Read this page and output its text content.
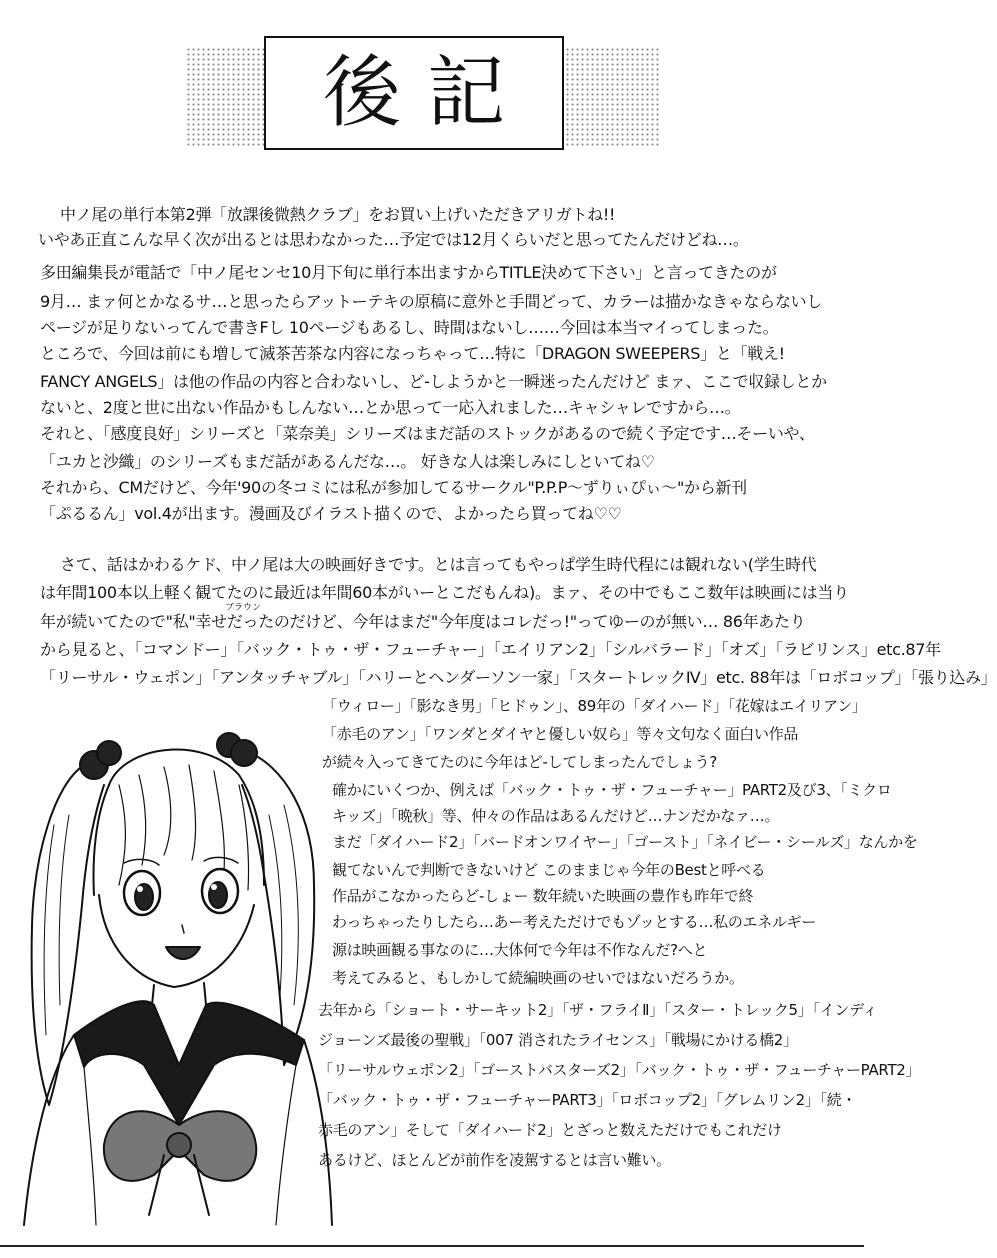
後記
中ノ尾の単行本第2弾「放課後微熱クラブ」をお買い上げいただきアリガトね!!
いやあ正直こんな早く次が出るとは思わなかった…予定では12月くらいだと思ってたんだけどね…。
多田編集長が電話で「中ノ尾センセ10月下旬に単行本出ますからTITLE決めて下さい」と言ってきたのが
9月… まァ何とかなるサ…と思ったらアットーテキの原稿に意外と手間どって、カラーは描かなきゃならないし
ページが足りないってんで書きFし 10ページもあるし、時間はないし……今回は本当マイってしまった。
ところで、今回は前にも増して滅茶苦茶な内容になっちゃって…特に「DRAGON SWEEPERS」と「戦え!
FANCY ANGELS」は他の作品の内容と合わないし、ど-しようかと一瞬迷ったんだけど まァ、ここで収録しとか
ないと、2度と世に出ない作品かもしんない…とか思って一応入れました…キャシャレですから…。
それと、「感度良好」シリーズと「菜奈美」シリーズはまだ話のストックがあるので続く予定です…そーいや、
「ユカと沙織」のシリーズもまだ話があるんだな…。 好きな人は楽しみにしといてね♡
それから、CMだけど、今年'90の冬コミには私が参加してるサークル"P.P.P～ずりぃぴぃ～"から新刊
「ぷるるん」vol.4が出ます。漫画及びイラスト描くので、よかったら買ってね♡♡
さて、話はかわるケド、中ノ尾は大の映画好きです。とは言ってもやっぱ学生時代程には観れない(学生時代
は年間100本以上軽く観てたのに最近は年間60本がいーとこだもんね)。まァ、その中でもここ数年は映画には当り
ブラウン
年が続いてたので"私"幸せだったのだけど、今年はまだ"今年度はコレだっ!"ってゆーのが無い… 86年あたり
から見ると、「コマンドー」「バック・トゥ・ザ・フューチャー」「エイリアン2」「シルバラード」「オズ」「ラビリンス」etc.87年
「リーサル・ウェポン」「アンタッチャブル」「ハリーとヘンダーソン一家」「スタートレックⅣ」etc. 88年は「ロボコップ」「張り込み」
「ウィロー」「影なき男」「ヒドゥン」、89年の「ダイハード」「花嫁はエイリアン」
「赤毛のアン」「ワンダとダイヤと優しい奴ら」等々文句なく面白い作品
が続々入ってきてたのに今年はど-してしまったんでしょう?
確かにいくつか、例えば「バック・トゥ・ザ・フューチャー」PART2及び3、「ミクロ
キッズ」「晩秋」等、仲々の作品はあるんだけど…ナンだかなァ…。
まだ「ダイハード2」「バードオンワイヤー」「ゴースト」「ネイビー・シールズ」なんかを
観てないんで判断できないけど このままじゃ今年のBestと呼べる
作品がこなかったらど-しょー 数年続いた映画の豊作も昨年で終
わっちゃったりしたら…あー考えただけでもゾッとする…私のエネルギー
源は映画観る事なのに…大体何で今年は不作なんだ?へと
考えてみると、もしかして続編映画のせいではないだろうか。
去年から「ショート・サーキット2」「ザ・フライⅡ」「スター・トレック5」「インディ
ジョーンズ最後の聖戦」「007 消されたライセンス」「戦場にかける橋2」
「リーサルウェポン2」「ゴーストバスターズ2」「バック・トゥ・ザ・フューチャーPART2」
「バック・トゥ・ザ・フューチャーPART3」「ロボコップ2」「グレムリン2」「続・
赤毛のアン」そして「ダイハード2」とざっと数えただけでもこれだけ
あるけど、ほとんどが前作を凌駕するとは言い難い。
